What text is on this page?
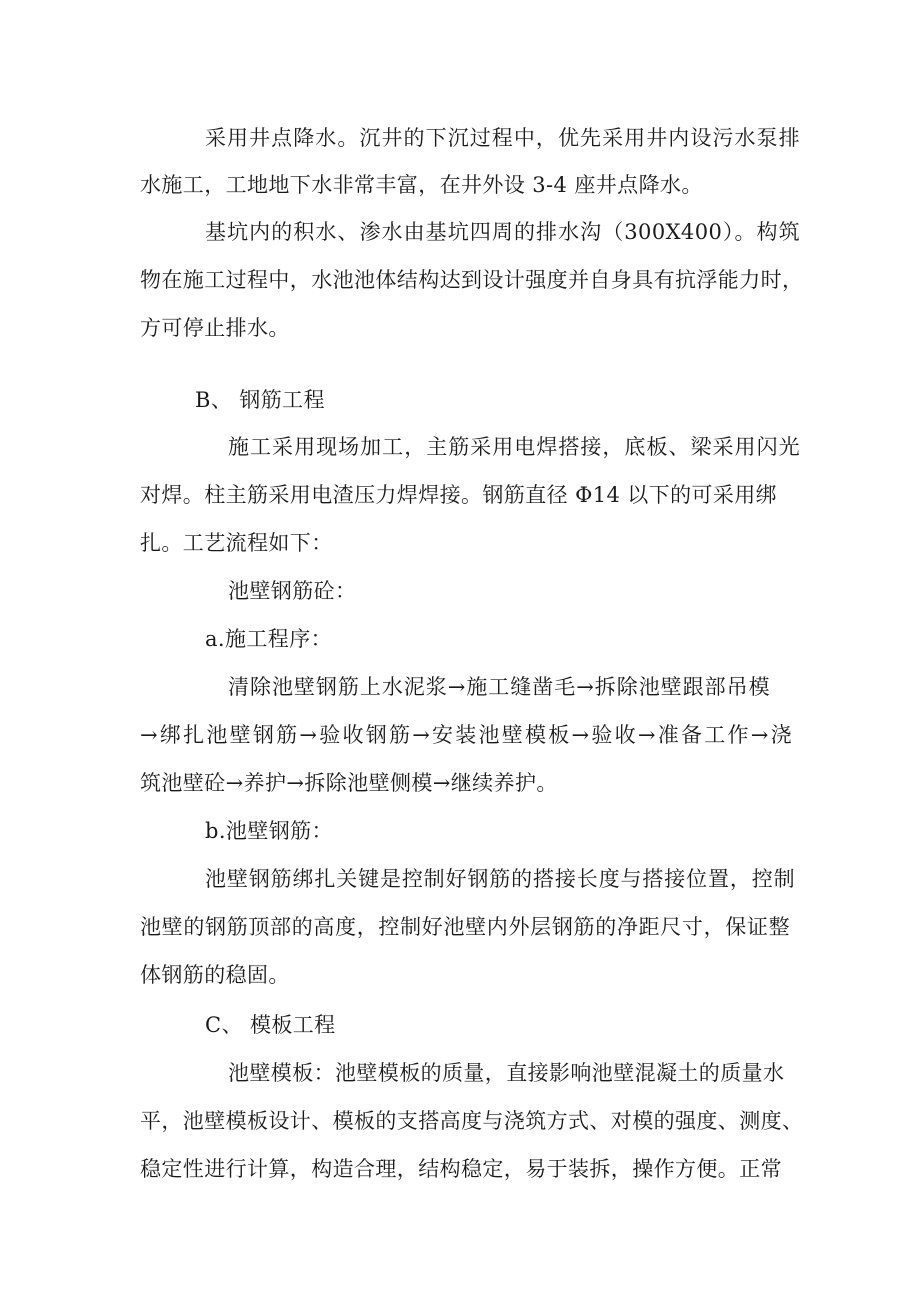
采用井点降水。沉井的下沉过程中，优先采用井内设污水泵排
水施工，工地地下水非常丰富，在井外设 3-4 座井点降水。
基坑内的积水、渗水由基坑四周的排水沟（300X400）。构筑
物在施工过程中，水池池体结构达到设计强度并自身具有抗浮能力时，
方可停止排水。
B、 钢筋工程
施工采用现场加工，主筋采用电焊搭接，底板、梁采用闪光
对焊。柱主筋采用电渣压力焊焊接。钢筋直径 Φ14 以下的可采用绑
扎。工艺流程如下：
池壁钢筋砼：
a.施工程序：
清除池壁钢筋上水泥浆→施工缝凿毛→拆除池壁跟部吊模
→绑扎池壁钢筋→验收钢筋→安装池壁模板→验收→准备工作→浇
筑池壁砼→养护→拆除池壁侧模→继续养护。
b.池壁钢筋：
池壁钢筋绑扎关键是控制好钢筋的搭接长度与搭接位置，控制
池壁的钢筋顶部的高度，控制好池壁内外层钢筋的净距尺寸，保证整
体钢筋的稳固。
C、 模板工程
池壁模板：池壁模板的质量，直接影响池壁混凝土的质量水
平，池壁模板设计、模板的支搭高度与浇筑方式、对模的强度、测度、
稳定性进行计算，构造合理，结构稳定，易于装拆，操作方便。正常
